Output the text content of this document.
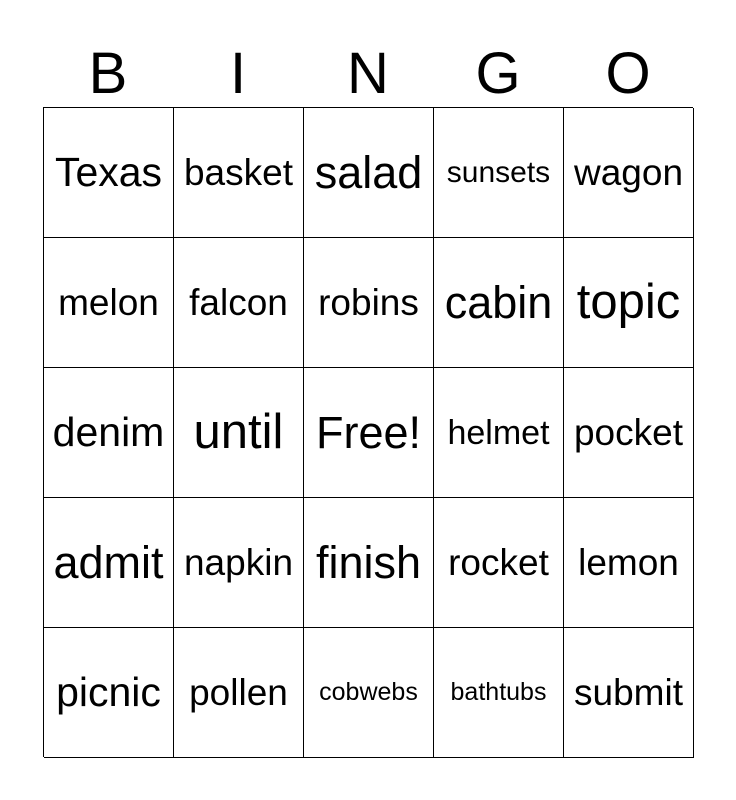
B	I	N	G	O
Texas basket salad sunsets wagon
melon falcon robins cabin topic
denim until Free! helmet pocket
admit napkin finish rocket lemon
picnic pollen	cobwebs	bathtubs submit
